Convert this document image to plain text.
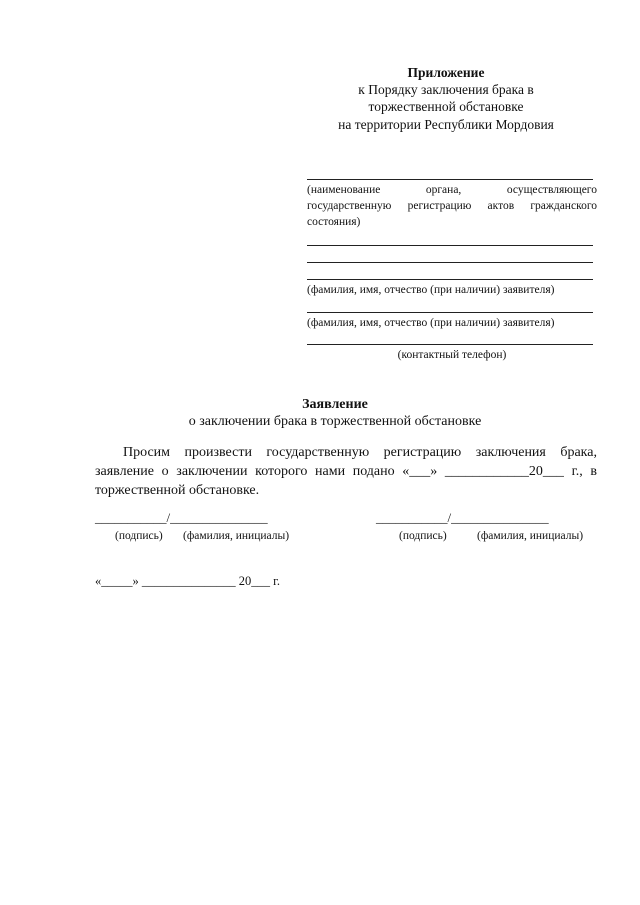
Приложение
к Порядку заключения брака в
торжественной обстановке
на территории Республики Мордовия
(наименование	органа,	осуществляющего
государственную регистрацию актов гражданского
состояния)
(фамилия, имя, отчество (при наличии) заявителя)
(фамилия, имя, отчество (при наличии) заявителя)
(контактный телефон)
Заявление
о заключении брака в торжественной обстановке
Просим произвести государственную регистрацию заключения брака,
заявление о заключении которого нами подано «___» ____________20___ г., в
торжественной обстановке.
___________/_______________
(подпись) (фамилия, инициалы)
___________/_______________
(подпись)	(фамилия, инициалы)
«_____» _______________ 20___ г.
